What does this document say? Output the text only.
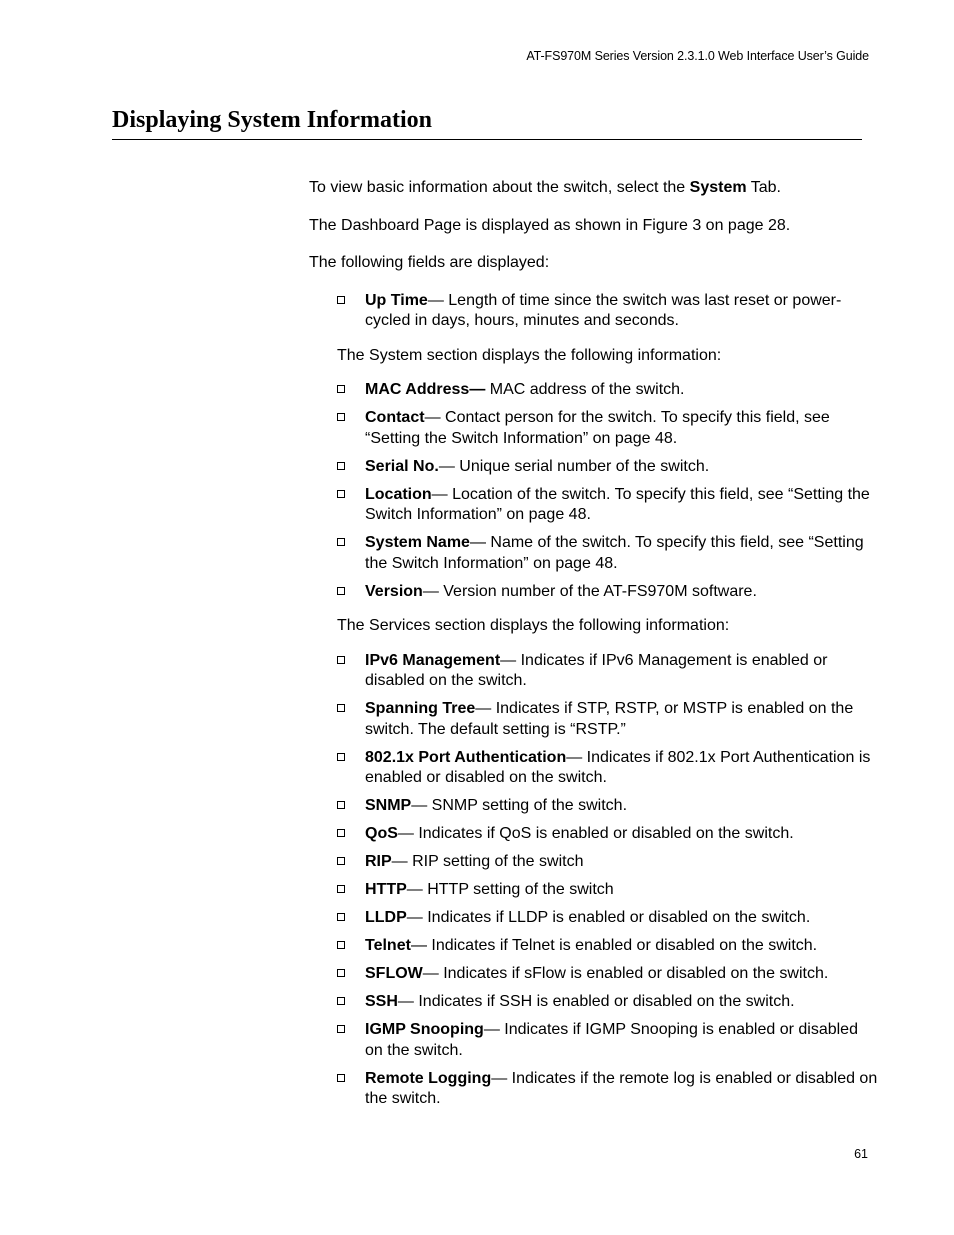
AT-FS970M Series Version 2.3.1.0 Web Interface User’s Guide
Displaying System Information

To view basic information about the switch, select the System Tab.

The Dashboard Page is displayed as shown in Figure 3 on page 28.

The following fields are displayed:

Up Time— Length of time since the switch was last reset or power-cycled in days, hours, minutes and seconds.

The System section displays the following information:

MAC Address— MAC address of the switch.
Contact— Contact person for the switch. To specify this field, see “Setting the Switch Information” on page 48.
Serial No.— Unique serial number of the switch.
Location— Location of the switch. To specify this field, see “Setting the Switch Information” on page 48.
System Name— Name of the switch. To specify this field, see “Setting the Switch Information” on page 48.
Version— Version number of the AT-FS970M software.

The Services section displays the following information:

IPv6 Management— Indicates if IPv6 Management is enabled or disabled on the switch.
Spanning Tree— Indicates if STP, RSTP, or MSTP is enabled on the switch. The default setting is “RSTP.”
802.1x Port Authentication— Indicates if 802.1x Port Authentication is enabled or disabled on the switch.
SNMP— SNMP setting of the switch.
QoS— Indicates if QoS is enabled or disabled on the switch.
RIP— RIP setting of the switch
HTTP— HTTP setting of the switch
LLDP— Indicates if LLDP is enabled or disabled on the switch.
Telnet— Indicates if Telnet is enabled or disabled on the switch.
SFLOW— Indicates if sFlow is enabled or disabled on the switch.
SSH— Indicates if SSH is enabled or disabled on the switch.
IGMP Snooping— Indicates if IGMP Snooping is enabled or disabled on the switch.
Remote Logging— Indicates if the remote log is enabled or disabled on the switch.
61
